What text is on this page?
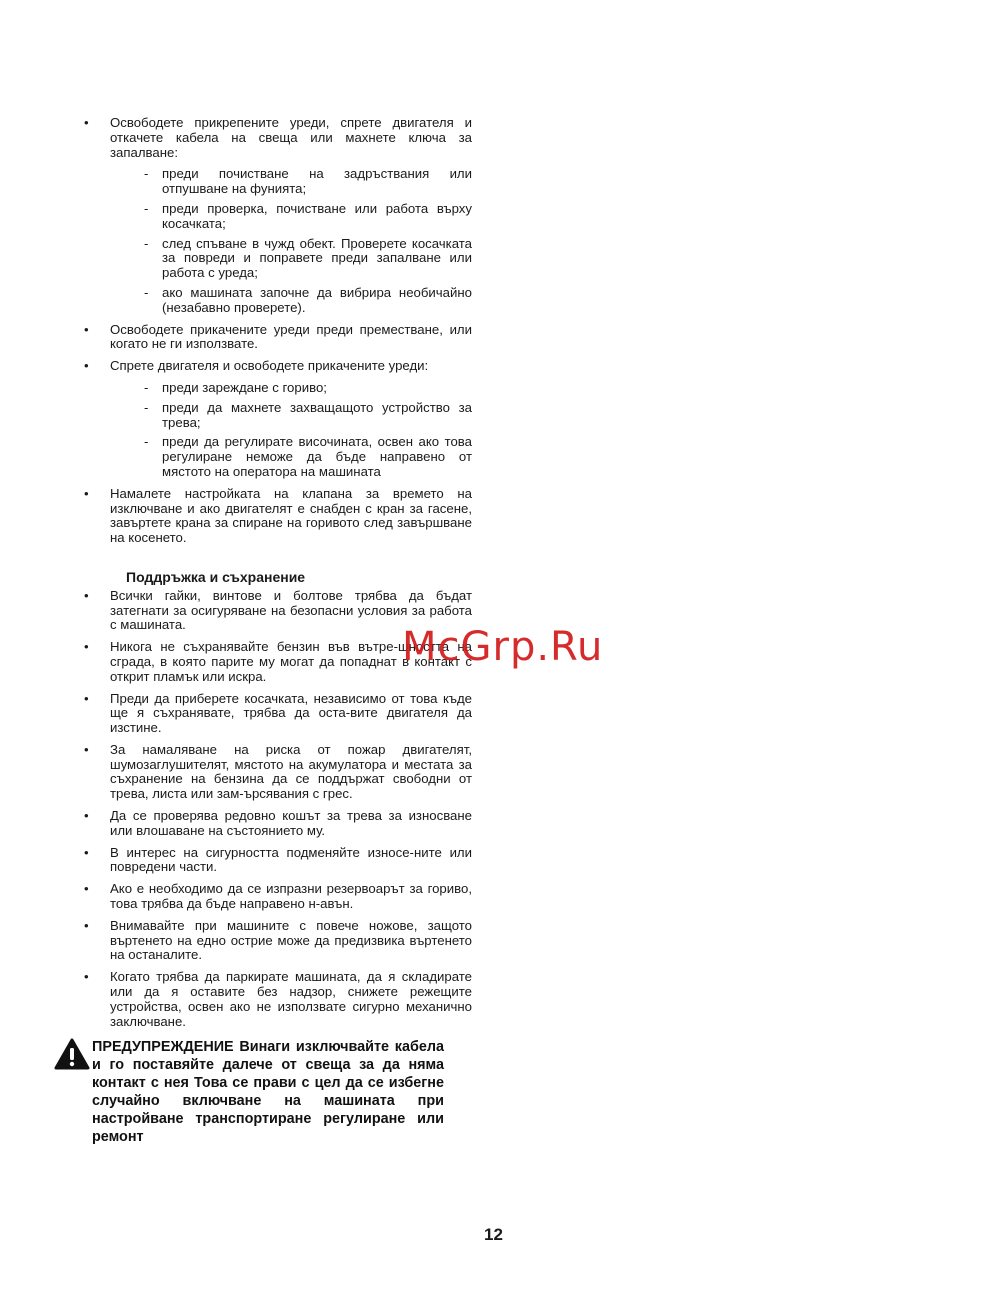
• Освободете прикрепените уреди, спрете двигателя и откачете кабела на свеща или махнете ключа за запалване:
- преди почистване на задръствания или отпушване на фунията;
- преди проверка, почистване или работа върху косачката;
- след спъване в чужд обект. Проверете косачката за повреди и поправете преди запалване или работа с уреда;
- ако машината започне да вибрира необичайно (незабавно проверете).
• Освободете прикачените уреди преди преместване, или когато не ги използвате.
• Спрете двигателя и освободете прикачените уреди:
- преди зареждане с гориво;
- преди да махнете захващащото устройство за трева;
- преди да регулирате височината, освен ако това регулиране неможе да бъде направено от мястото на оператора на машината
• Намалете настройката на клапана за времето на изключване и ако двигателят е снабден с кран за гасене, завъртете крана за спиране на горивото след завършване на косенето.
Поддръжка и съхранение
• Всички гайки, винтове и болтове трябва да бъдат затегнати за осигуряване на безопасни условия за работа с машината.
• Никога не съхранявайте бензин във вътре-шността на сграда, в която парите му могат да попаднат в контакт с открит пламък или искра.
• Преди да приберете косачката, независимо от това къде ще я съхранявате, трябва да оста-вите двигателя да изстине.
• За намаляване на риска от пожар двигателят, шумозаглушителят, мястото на акумулатора и местата за съхранение на бензина да се поддържат свободни от трева, листа или зам-ърсявания с грес.
• Да се проверява редовно кошът за трева за износване или влошаване на състоянието му.
• В интерес на сигурността подменяйте износе-ните или повредени части.
• Ако е необходимо да се изпразни резервоарът за гориво, това трябва да бъде направено н-авън.
• Внимавайте при машините с повече ножове, защото въртенето на едно острие може да предизвика въртенето на останалите.
• Когато трябва да паркирате машината, да я складирате или да я оставите без надзор, снижете режещите устройства, освен ако не използвате сигурно механично заключване.
ПРЕДУПРЕЖДЕНИЕ Винаги изключвайте кабела и го поставяйте далече от свеща за да няма контакт с нея Това се прави с цел да се избегне случайно включване на машината при настройване транспортиране регулиране или ремонт
McGrp.Ru
12
